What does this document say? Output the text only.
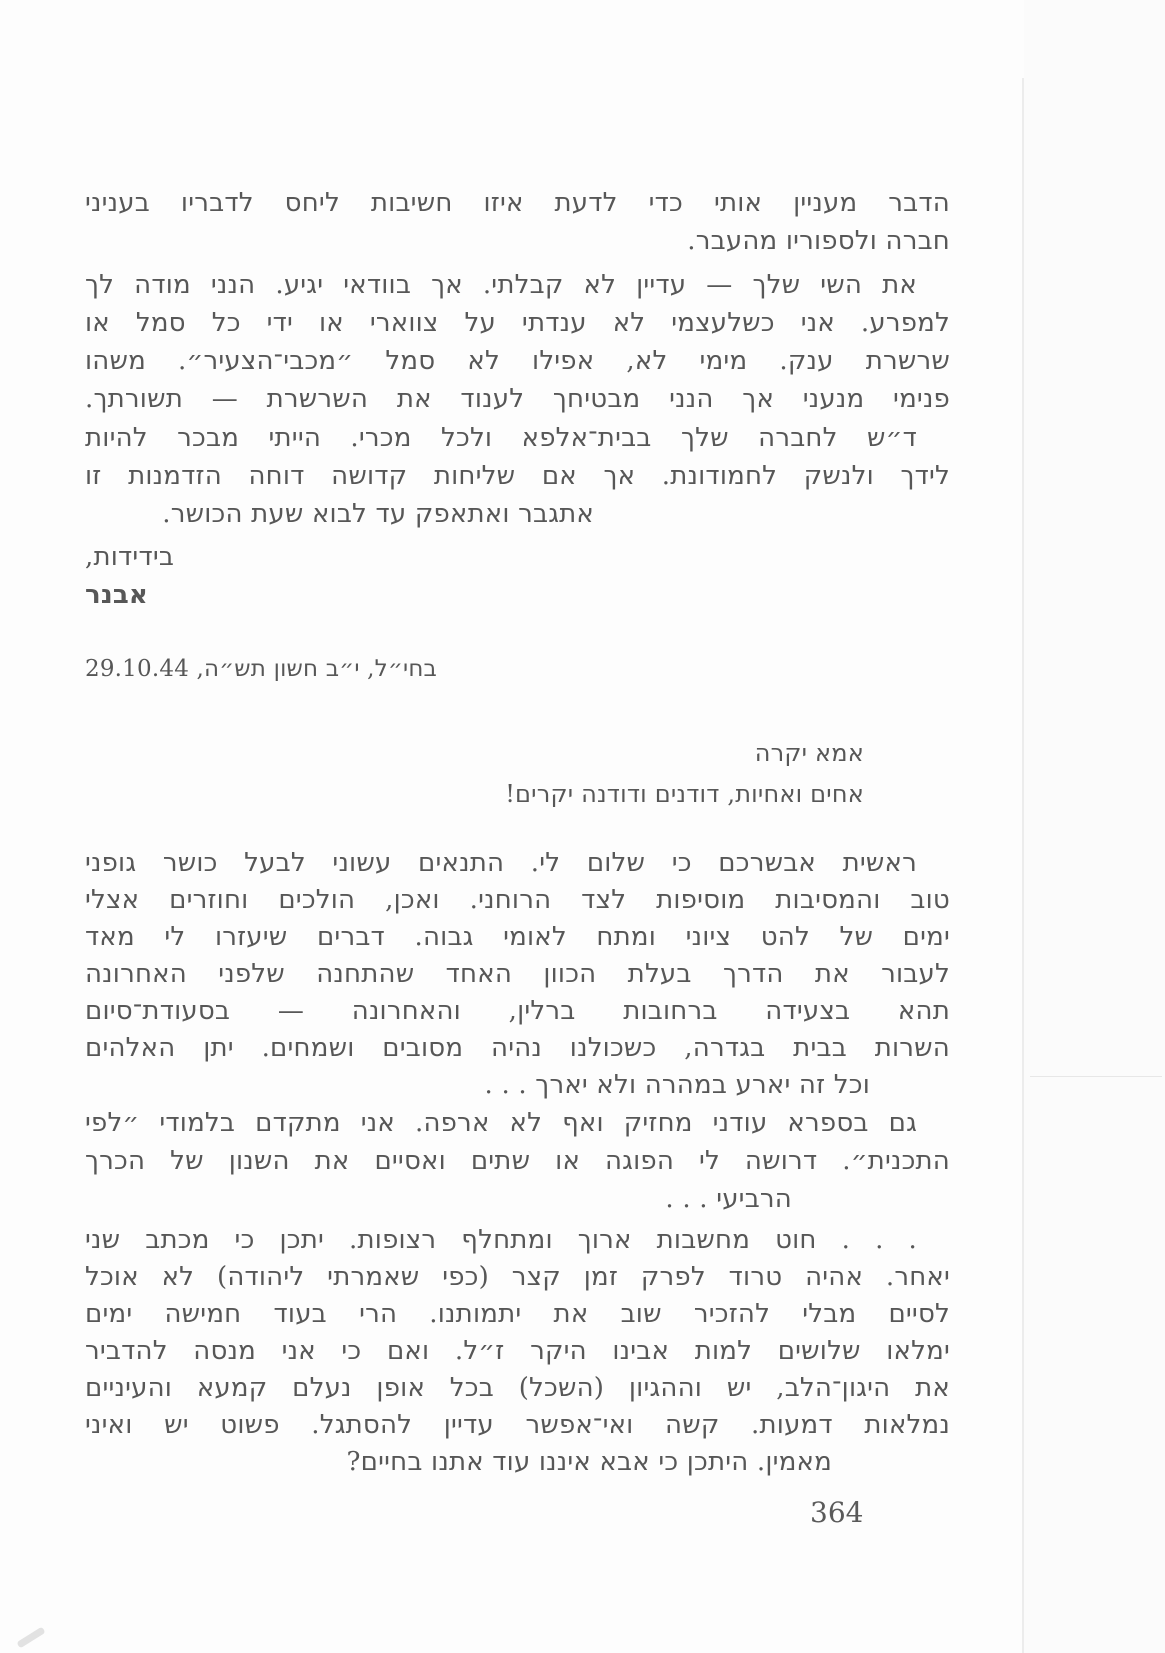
הדבר מעניין אותי כדי לדעת איזו חשיבות ליחס לדבריו בעניני
חברה ולספוריו מהעבר.
את השי שלך — עדיין לא קבלתי. אך בוודאי יגיע. הנני מודה לך
למפרע. אני כשלעצמי לא ענדתי על צווארי או ידי כל סמל או
שרשרת ענק. מימי לא, אפילו לא סמל ״מכבי־הצעיר״. משהו
פנימי מנעני אך הנני מבטיחך לענוד את השרשרת — תשורתך.
ד״ש לחברה שלך בבית־אלפא ולכל מכרי. הייתי מבכר להיות
לידך ולנשק לחמודונת. אך אם שליחות קדושה דוחה הזדמנות זו
אתגבר ואתאפק עד לבוא שעת הכושר.
בידידות,
אבנר
בחי״ל, י״ב חשון תש״ה, 29.10.44
אמא יקרה
אחים ואחיות, דודנים ודודנה יקרים!
ראשית אבשרכם כי שלום לי. התנאים עשוני לבעל כושר גופני
טוב והמסיבות מוסיפות לצד הרוחני. ואכן, הולכים וחוזרים אצלי
ימים של להט ציוני ומתח לאומי גבוה. דברים שיעזרו לי מאד
לעבור את הדרך בעלת הכוון האחד שהתחנה שלפני האחרונה
תהא בצעידה ברחובות ברלין, והאחרונה — בסעודת־סיום
השרות בבית בגדרה, כשכולנו נהיה מסובים ושמחים. יתן האלהים
וכל זה יארע במהרה ולא יארך . . .
גם בספרא עודני מחזיק ואף לא ארפה. אני מתקדם בלמודי ״לפי
התכנית״. דרושה לי הפוגה או שתים ואסיים את השנון של הכרך
הרביעי . . .
. . . חוט מחשבות ארוך ומתחלף רצופות. יתכן כי מכתב שני
יאחר. אהיה טרוד לפרק זמן קצר (כפי שאמרתי ליהודה) לא אוכל
לסיים מבלי להזכיר שוב את יתמותנו. הרי בעוד חמישה ימים
ימלאו שלושים למות אבינו היקר ז״ל. ואם כי אני מנסה להדביר
את היגון־הלב, יש וההגיון (השכל) בכל אופן נעלם קמעא והעיניים
נמלאות דמעות. קשה ואי־אפשר עדיין להסתגל. פשוט יש ואיני
מאמין. היתכן כי אבא איננו עוד אתנו בחיים?
364
